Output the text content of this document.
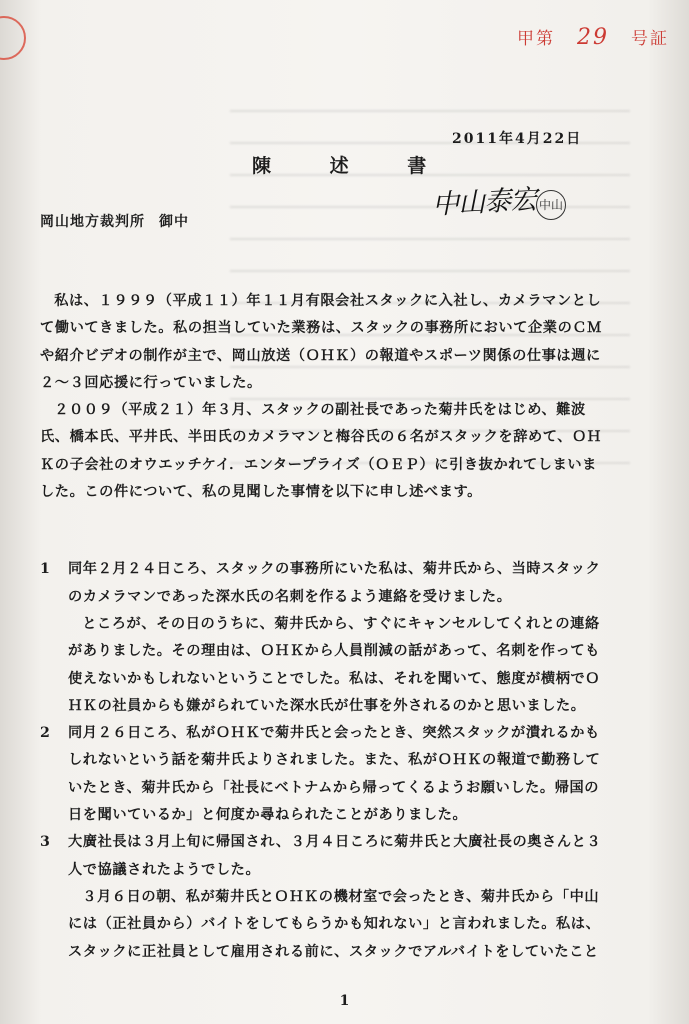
甲第 29 号証
2011年4月22日
陳 述 書
中山泰宏 中山
岡山地方裁判所 御中

私は、１９９９（平成１１）年１１月有限会社スタックに入社し、カメラマンとして働いてきました。私の担当していた業務は、スタックの事務所において企業のＣＭや紹介ビデオの制作が主で、岡山放送（ＯＨＫ）の報道やスポーツ関係の仕事は週に２〜３回応援に行っていました。

２００９（平成２１）年３月、スタックの副社長であった菊井氏をはじめ、難波氏、橋本氏、平井氏、半田氏のカメラマンと梅谷氏の６名がスタックを辞めて、ＯＨＫの子会社のオウエッチケイ．エンタープライズ（ＯＥＰ）に引き抜かれてしまいました。この件について、私の見聞した事情を以下に申し述べます。

1	同年２月２４日ころ、スタックの事務所にいた私は、菊井氏から、当時スタックのカメラマンであった深水氏の名刺を作るよう連絡を受けました。

ところが、その日のうちに、菊井氏から、すぐにキャンセルしてくれとの連絡がありました。その理由は、ＯＨＫから人員削減の話があって、名刺を作っても使えないかもしれないということでした。私は、それを聞いて、態度が横柄でＯＨＫの社員からも嫌がられていた深水氏が仕事を外されるのかと思いました。

2	同月２６日ころ、私がＯＨＫで菊井氏と会ったとき、突然スタックが潰れるかもしれないという話を菊井氏よりされました。また、私がＯＨＫの報道で勤務していたとき、菊井氏から「社長にベトナムから帰ってくるようお願いした。帰国の日を聞いているか」と何度か尋ねられたことがありました。

3	大廣社長は３月上旬に帰国され、３月４日ころに菊井氏と大廣社長の奥さんと３人で協議されたようでした。

３月６日の朝、私が菊井氏とＯＨＫの機材室で会ったとき、菊井氏から「中山には（正社員から）バイトをしてもらうかも知れない」と言われました。私は、スタックに正社員として雇用される前に、スタックでアルバイトをしていたこと

1
